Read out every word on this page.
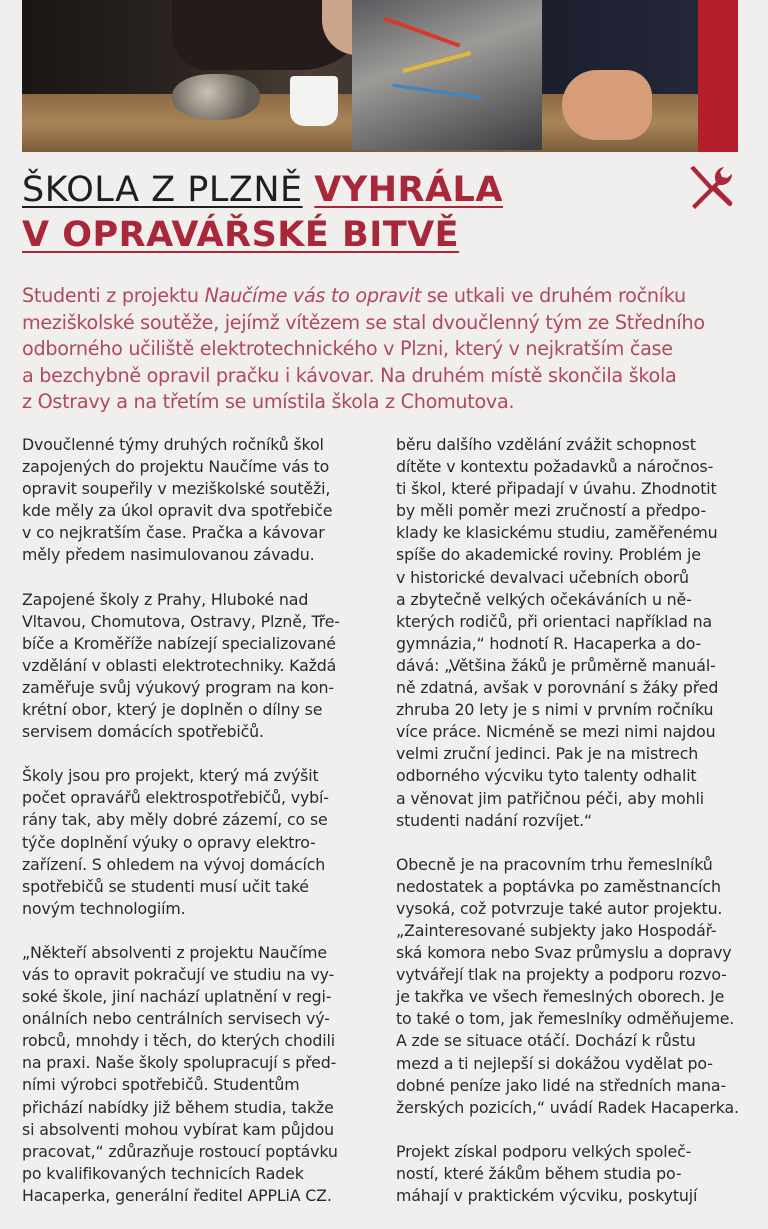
ŠKOLA Z PLZNĚ VYHRÁLA
V OPRAVÁŘSKÉ BITVĚ

Studenti z projektu Naučíme vás to opravit se utkali ve druhém ročníku
meziškolské soutěže, jejímž vítězem se stal dvoučlenný tým ze Středního
odborného učiliště elektrotechnického v Plzni, který v nejkratším čase
a bezchybně opravil pračku i kávovar. Na druhém místě skončila škola
z Ostravy a na třetím se umístila škola z Chomutova.

Dvoučlenné týmy druhých ročníků škol
zapojených do projektu Naučíme vás to
opravit soupeřily v meziškolské soutěži,
kde měly za úkol opravit dva spotřebiče
v co nejkratším čase. Pračka a kávovar
měly předem nasimulovanou závadu.

Zapojené školy z Prahy, Hluboké nad
Vltavou, Chomutova, Ostravy, Plzně, Tře-
bíče a Kroměříže nabízejí specializované
vzdělání v oblasti elektrotechniky. Každá
zaměřuje svůj výukový program na kon-
krétní obor, který je doplněn o dílny se
servisem domácích spotřebičů.

Školy jsou pro projekt, který má zvýšit
počet opravářů elektrospotřebičů, vybí-
rány tak, aby měly dobré zázemí, co se
týče doplnění výuky o opravy elektro-
zařízení. S ohledem na vývoj domácích
spotřebičů se studenti musí učit také
novým technologiím.

„Někteří absolventi z projektu Naučíme
vás to opravit pokračují ve studiu na vy-
soké škole, jiní nachází uplatnění v regi-
onálních nebo centrálních servisech vý-
robců, mnohdy i těch, do kterých chodili
na praxi. Naše školy spolupracují s před-
ními výrobci spotřebičů. Studentům
přichází nabídky již během studia, takže
si absolventi mohou vybírat kam půjdou
pracovat,“ zdůrazňuje rostoucí poptávku
po kvalifikovaných technicích Radek
Hacaperka, generální ředitel APPLiA CZ.

běru dalšího vzdělání zvážit schopnost
dítěte v kontextu požadavků a náročnos-
ti škol, které připadají v úvahu. Zhodnotit
by měli poměr mezi zručností a předpo-
klady ke klasickému studiu, zaměřenému
spíše do akademické roviny. Problém je
v historické devalvaci učebních oborů
a zbytečně velkých očekáváních u ně-
kterých rodičů, při orientaci například na
gymnázia,“ hodnotí R. Hacaperka a do-
dává: „Většina žáků je průměrně manuál-
ně zdatná, avšak v porovnání s žáky před
zhruba 20 lety je s nimi v prvním ročníku
více práce. Nicméně se mezi nimi najdou
velmi zruční jedinci. Pak je na mistrech
odborného výcviku tyto talenty odhalit
a věnovat jim patřičnou péči, aby mohli
studenti nadání rozvíjet.“

Obecně je na pracovním trhu řemeslníků
nedostatek a poptávka po zaměstnancích
vysoká, což potvrzuje také autor projektu.
„Zainteresované subjekty jako Hospodář-
ská komora nebo Svaz průmyslu a dopravy
vytvářejí tlak na projekty a podporu rozvo-
je takřka ve všech řemeslných oborech. Je
to také o tom, jak řemeslníky odměňujeme.
A zde se situace otáčí. Dochází k růstu
mezd a ti nejlepší si dokážou vydělat po-
dobné peníze jako lidé na středních mana-
žerských pozicích,“ uvádí Radek Hacaperka.

Projekt získal podporu velkých společ-
ností, které žákům během studia po-
máhají v praktickém výcviku, poskytují
